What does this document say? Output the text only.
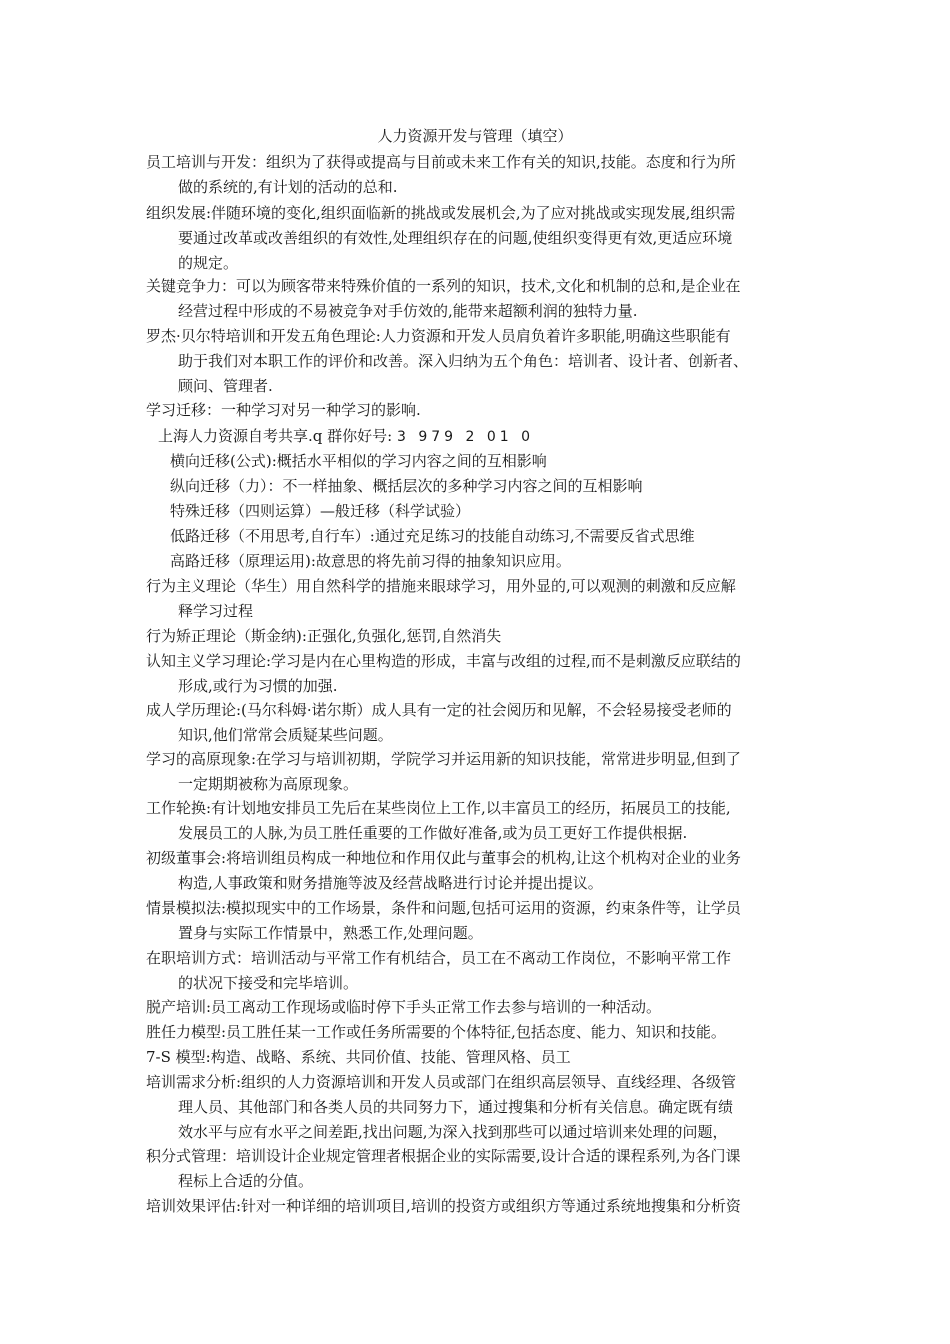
人力资源开发与管理（填空）
员工培训与开发：组织为了获得或提高与目前或未来工作有关的知识,技能。态度和行为所
做的系统的,有计划的活动的总和.
组织发展:伴随环境的变化,组织面临新的挑战或发展机会,为了应对挑战或实现发展,组织需
要通过改革或改善组织的有效性,处理组织存在的问题,使组织变得更有效,更适应环境
的规定。
关键竞争力：可以为顾客带来特殊价值的一系列的知识，技术,文化和机制的总和,是企业在
经营过程中形成的不易被竞争对手仿效的,能带来超额利润的独特力量.
罗杰·贝尔特培训和开发五角色理论:人力资源和开发人员肩负着许多职能,明确这些职能有
助于我们对本职工作的评价和改善。深入归纳为五个角色：培训者、设计者、创新者、
顾问、管理者.
学习迁移：一种学习对另一种学习的影响.
上海人力资源自考共享.q 群你好号: 3 979 2 01 0
横向迁移(公式):概括水平相似的学习内容之间的互相影响
纵向迁移（力）：不一样抽象、概括层次的多种学习内容之间的互相影响
特殊迁移（四则运算）—般迁移（科学试验）
低路迁移（不用思考,自行车）:通过充足练习的技能自动练习,不需要反省式思维
高路迁移（原理运用):故意思的将先前习得的抽象知识应用。
行为主义理论（华生）用自然科学的措施来眼球学习，用外显的,可以观测的刺激和反应解
释学习过程
行为矫正理论（斯金纳):正强化,负强化,惩罚,自然消失
认知主义学习理论:学习是内在心里构造的形成，丰富与改组的过程,而不是刺激反应联结的
形成,或行为习惯的加强.
成人学历理论:(马尔科姆·诺尔斯）成人具有一定的社会阅历和见解，不会轻易接受老师的
知识,他们常常会质疑某些问题。
学习的高原现象:在学习与培训初期，学院学习并运用新的知识技能，常常进步明显,但到了
一定期期被称为高原现象。
工作轮换:有计划地安排员工先后在某些岗位上工作,以丰富员工的经历，拓展员工的技能,
发展员工的人脉,为员工胜任重要的工作做好准备,或为员工更好工作提供根据.
初级董事会:将培训组员构成一种地位和作用仅此与董事会的机构,让这个机构对企业的业务
构造,人事政策和财务措施等波及经营战略进行讨论并提出提议。
情景模拟法:模拟现实中的工作场景，条件和问题,包括可运用的资源，约束条件等，让学员
置身与实际工作情景中，熟悉工作,处理问题。
在职培训方式：培训活动与平常工作有机结合，员工在不离动工作岗位，不影响平常工作
的状况下接受和完毕培训。
脱产培训:员工离动工作现场或临时停下手头正常工作去参与培训的一种活动。
胜任力模型:员工胜任某一工作或任务所需要的个体特征,包括态度、能力、知识和技能。
7-S 模型:构造、战略、系统、共同价值、技能、管理风格、员工
培训需求分析:组织的人力资源培训和开发人员或部门在组织高层领导、直线经理、各级管
理人员、其他部门和各类人员的共同努力下，通过搜集和分析有关信息。确定既有绩
效水平与应有水平之间差距,找出问题,为深入找到那些可以通过培训来处理的问题，
积分式管理：培训设计企业规定管理者根据企业的实际需要,设计合适的课程系列,为各门课
程标上合适的分值。
培训效果评估:针对一种详细的培训项目,培训的投资方或组织方等通过系统地搜集和分析资
